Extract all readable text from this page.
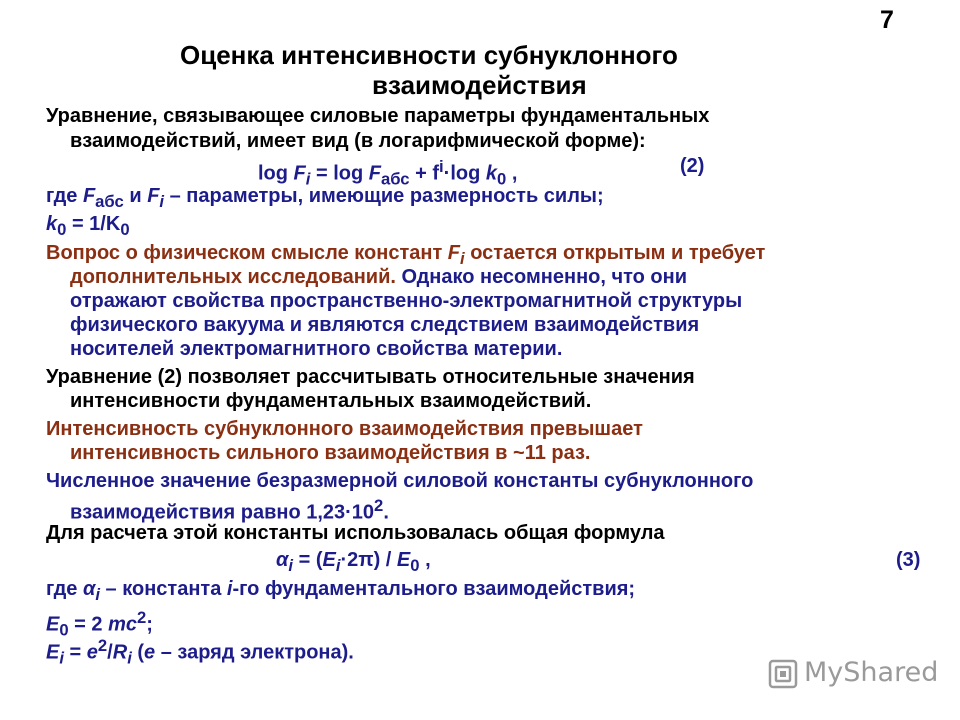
7
Оценка интенсивности субнуклонного
взаимодействия
Уравнение, связывающее силовые параметры фундаментальных
взаимодействий, имеет вид (в логарифмической форме):
$\log F_i = \log F_{абс} + f^i\cdot\log$ $k_0$ ,	(2)
где $F_{абс}$ и $F_i$ – параметры, имеющие размерность силы;
$k_0 = 1/K_0$
Вопрос о физическом смысле констант $F_i$ остается открытым и требует
дополнительных исследований. Однако несомненно, что они
отражают свойства пространственно-электромагнитной структуры
физического вакуума и являются следствием взаимодействия
носителей электромагнитного свойства материи.
Уравнение (2) позволяет рассчитывать относительные значения
интенсивности фундаментальных взаимодействий.
Интенсивность субнуклонного взаимодействия превышает
интенсивность сильного взаимодействия в ~11 раз.
Численное значение безразмерной силовой константы субнуклонного
взаимодействия равно $1,23\cdot 10^2$.
Для расчета этой константы использовалась общая формула
$\alpha_i = (E_i\cdot 2\pi) / E_0$ ,	(3)
где $\alpha_i$ – константа i-го фундаментального взаимодействия;
$E_0 = 2$ $mc^2$;
$E_i = e^2/R_i$ (e – заряд электрона).
MyShared
